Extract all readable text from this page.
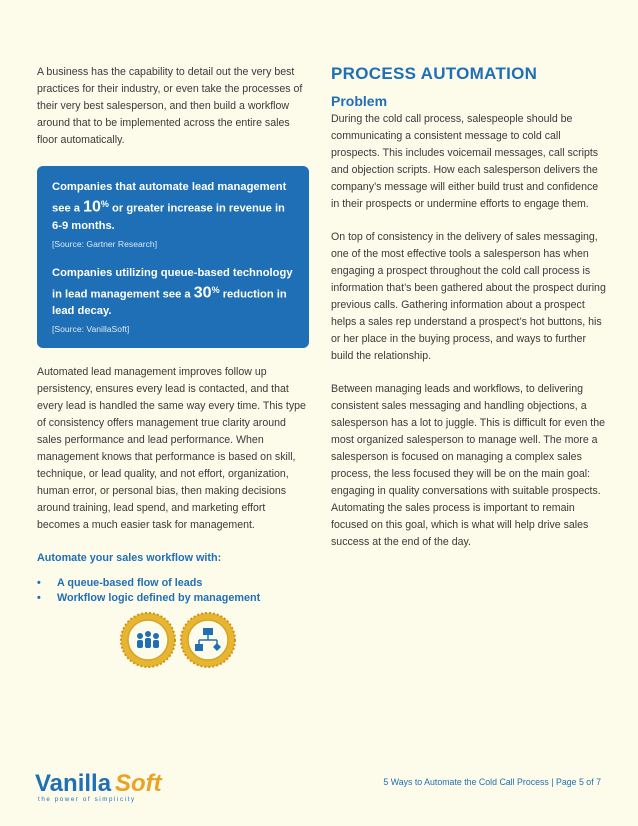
A business has the capability to detail out the very best practices for their industry, or even take the processes of their very best salesperson, and then build a workflow around that to be implemented across the entire sales floor automatically.

Companies that automate lead management see a 10% or greater increase in revenue in 6-9 months.

[Source: Gartner Research]

Companies utilizing queue-based technology in lead management see a 30% reduction in lead decay.

[Source: VanillaSoft]

Automated lead management improves follow up persistency, ensures every lead is contacted, and that every lead is handled the same way every time. This type of consistency offers management true clarity around sales performance and lead performance. When management knows that performance is based on skill, technique, or lead quality, and not effort, organization, human error, or personal bias, then making decisions around training, lead spend, and marketing effort becomes a much easier task for management.

Automate your sales workflow with:

• A queue-based flow of leads
• Workflow logic defined by management
PROCESS AUTOMATION
Problem

During the cold call process, salespeople should be communicating a consistent message to cold call prospects. This includes voicemail messages, call scripts and objection scripts. How each salesperson delivers the company’s message will either build trust and confidence in their prospects or undermine efforts to engage them.

On top of consistency in the delivery of sales messaging, one of the most effective tools a salesperson has when engaging a prospect throughout the cold call process is information that’s been gathered about the prospect during previous calls. Gathering information about a prospect helps a sales rep understand a prospect’s hot buttons, his or her place in the buying process, and ways to further build the relationship.

Between managing leads and workflows, to delivering consistent sales messaging and handling objections, a salesperson has a lot to juggle. This is difficult for even the most organized salesperson to manage well. The more a salesperson is focused on managing a complex sales process, the less focused they will be on the main goal: engaging in quality conversations with suitable prospects. Automating the sales process is important to remain focused on this goal, which is what will help drive sales success at the end of the day.

Vanilla Soft
the power of simplicity
5 Ways to Automate the Cold Call Process | Page 5 of 7
